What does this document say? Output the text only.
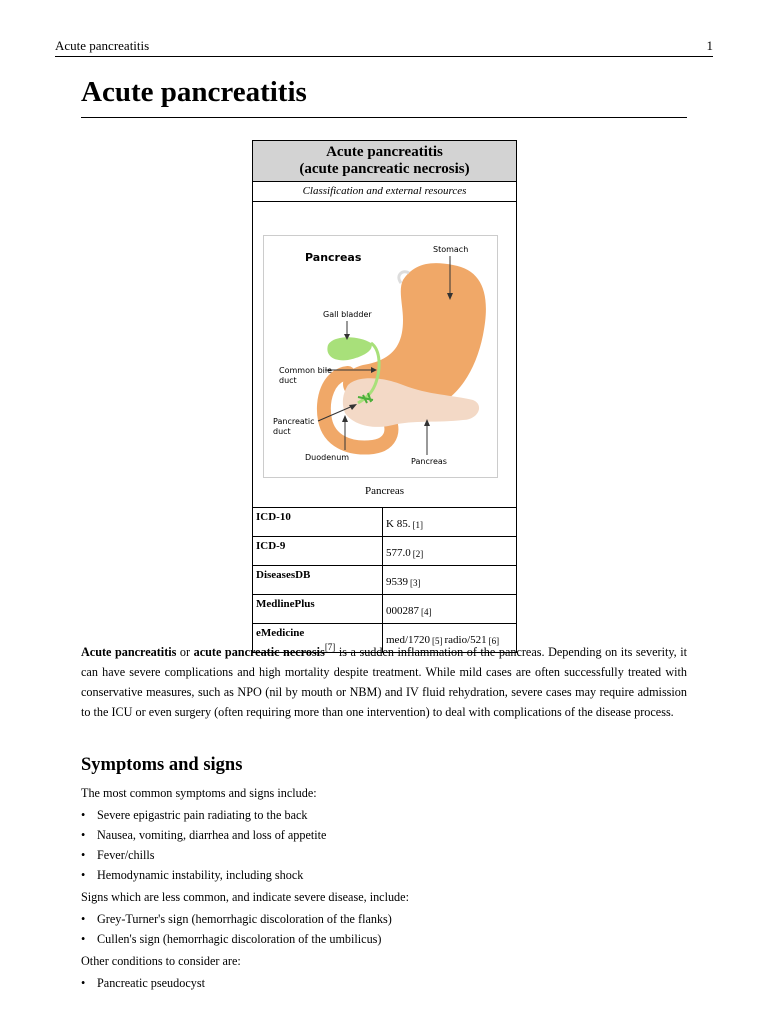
Acute pancreatitis	1
Acute pancreatitis
Acute pancreatitis
(acute pancreatic necrosis)
Classification and external resources
Pancreas
Stomach
Gall bladder
Common bile
duct
Pancreatic
duct
Duodenum	Pancreas
Pancreas
ICD-10
K 85. [1]
ICD-9
577.0 [2]
DiseasesDB
9539 [3]
MedlinePlus
000287 [4]
eMedicine
med/1720 [5] radio/521 [6]
Acute pancreatitis or acute pancreatic necrosis[7] is a sudden inflammation of the pancreas. Depending on its severity, it can have severe complications and high mortality despite treatment. While mild cases are often successfully treated with conservative measures, such as NPO (nil by mouth or NBM) and IV fluid rehydration, severe cases may require admission to the ICU or even surgery (often requiring more than one intervention) to deal with complications of the disease process.
Symptoms and signs

The most common symptoms and signs include:

• Severe epigastric pain radiating to the back
• Nausea, vomiting, diarrhea and loss of appetite
• Fever/chills
• Hemodynamic instability, including shock

Signs which are less common, and indicate severe disease, include:

• Grey-Turner's sign (hemorrhagic discoloration of the flanks)
• Cullen's sign (hemorrhagic discoloration of the umbilicus)

Other conditions to consider are:

• Pancreatic pseudocyst
